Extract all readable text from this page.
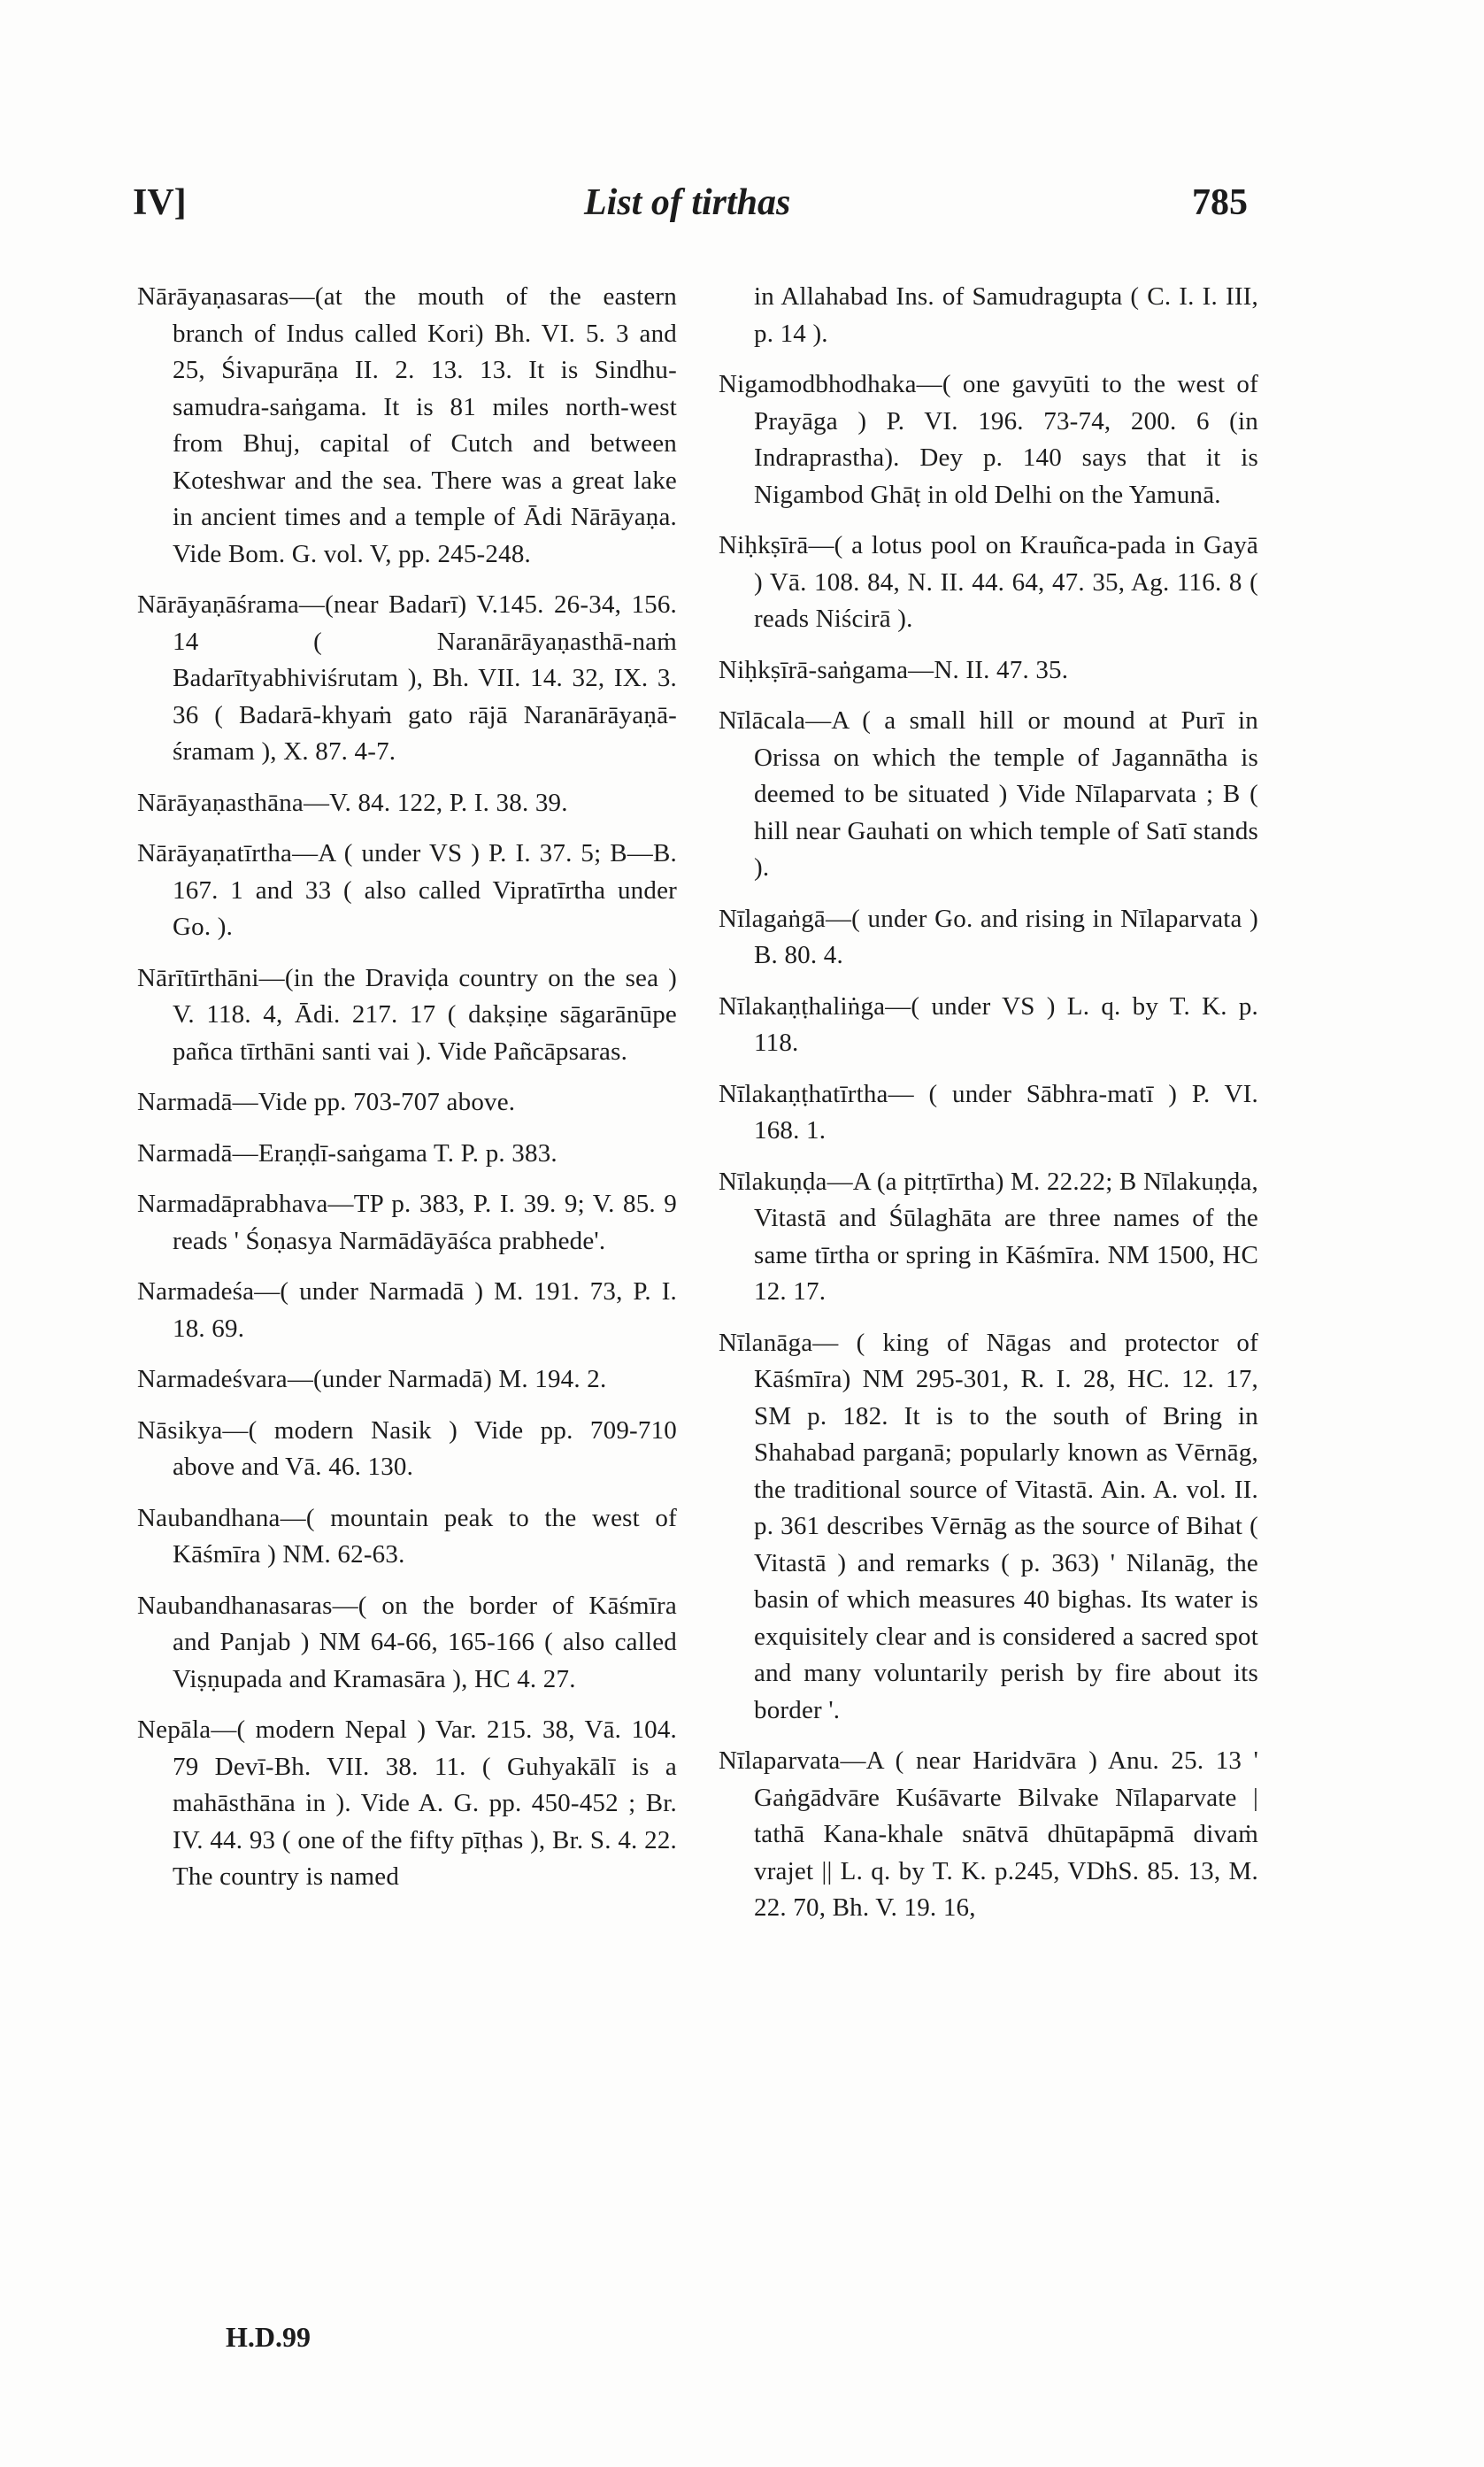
IV]	List of tirthas	785

Nārāyaṇasaras—(at the mouth of the eastern branch of Indus called Kori) Bh. VI. 5. 3 and 25, Śivapurāṇa II. 2. 13. 13. It is Sindhu-samudra-saṅgama. It is 81 miles north-west from Bhuj, capital of Cutch and between Koteshwar and the sea. There was a great lake in ancient times and a temple of Ādi Nārāyaṇa. Vide Bom. G. vol. V, pp. 245-248.

Nārāyaṇāśrama—(near Badarī) V.145. 26-34, 156. 14 ( Naranārāyaṇasthā-naṁ Badarītyabhiviśrutam ), Bh. VII. 14. 32, IX. 3. 36 ( Badarā-khyaṁ gato rājā Naranārāyaṇā-śramam ), X. 87. 4-7.

Nārāyaṇasthāna—V. 84. 122, P. I. 38. 39.

Nārāyaṇatīrtha—A ( under VS ) P. I. 37. 5; B—B. 167. 1 and 33 ( also called Vipratīrtha under Go. ).

Nārītīrthāni—(in the Draviḍa country on the sea ) V. 118. 4, Ādi. 217. 17 ( dakṣiṇe sāgarānūpe pañca tīrthāni santi vai ). Vide Pañcāpsaras.

Narmadā—Vide pp. 703-707 above.

Narmadā—Eraṇḍī-saṅgama T. P. p. 383.

Narmadāprabhava—TP p. 383, P. I. 39. 9; V. 85. 9 reads ' Śoṇasya Narmādāyāśca prabhede'.

Narmadeśa—( under Narmadā ) M. 191. 73, P. I. 18. 69.

Narmadeśvara—(under Narmadā) M. 194. 2.

Nāsikya—( modern Nasik ) Vide pp. 709-710 above and Vā. 46. 130.

Naubandhana—( mountain peak to the west of Kāśmīra ) NM. 62-63.

Naubandhanasaras—( on the border of Kāśmīra and Panjab ) NM 64-66, 165-166 ( also called Viṣṇupada and Kramasāra ), HC 4. 27.

Nepāla—( modern Nepal ) Var. 215. 38, Vā. 104. 79 Devī-Bh. VII. 38. 11. ( Guhyakālī is a mahāsthāna in ). Vide A. G. pp. 450-452 ; Br. IV. 44. 93 ( one of the fifty pīṭhas ), Br. S. 4. 22. The country is named

in Allahabad Ins. of Samudragupta ( C. I. I. III, p. 14 ).

Nigamodbhodhaka—( one gavyūti to the west of Prayāga ) P. VI. 196. 73-74, 200. 6 (in Indraprastha). Dey p. 140 says that it is Nigambod Ghāṭ in old Delhi on the Yamunā.

Niḥkṣīrā—( a lotus pool on Krauñca-pada in Gayā ) Vā. 108. 84, N. II. 44. 64, 47. 35, Ag. 116. 8 ( reads Niścirā ).

Niḥkṣīrā-saṅgama—N. II. 47. 35.

Nīlācala—A ( a small hill or mound at Purī in Orissa on which the temple of Jagannātha is deemed to be situated ) Vide Nīlaparvata ; B ( hill near Gauhati on which temple of Satī stands ).

Nīlagaṅgā—( under Go. and rising in Nīlaparvata ) B. 80. 4.

Nīlakaṇṭhaliṅga—( under VS ) L. q. by T. K. p. 118.

Nīlakaṇṭhatīrtha— ( under Sābhra-matī ) P. VI. 168. 1.

Nīlakuṇḍa—A (a pitṛtīrtha) M. 22.22; B Nīlakuṇḍa, Vitastā and Śūlaghāta are three names of the same tīrtha or spring in Kāśmīra. NM 1500, HC 12. 17.

Nīlanāga— ( king of Nāgas and protector of Kāśmīra) NM 295-301, R. I. 28, HC. 12. 17, SM p. 182. It is to the south of Bring in Shahabad parganā; popularly known as Vērnāg, the traditional source of Vitastā. Ain. A. vol. II. p. 361 describes Vērnāg as the source of Bihat ( Vitastā ) and remarks ( p. 363) ' Nilanāg, the basin of which measures 40 bighas. Its water is exquisitely clear and is considered a sacred spot and many voluntarily perish by fire about its border '.

Nīlaparvata—A ( near Haridvāra ) Anu. 25. 13 ' Gaṅgādvāre Kuśāvarte Bilvake Nīlaparvate | tathā Kana-khale snātvā dhūtapāpmā divaṁ vrajet || L. q. by T. K. p.245, VDhS. 85. 13, M. 22. 70, Bh. V. 19. 16,

H.D.99
